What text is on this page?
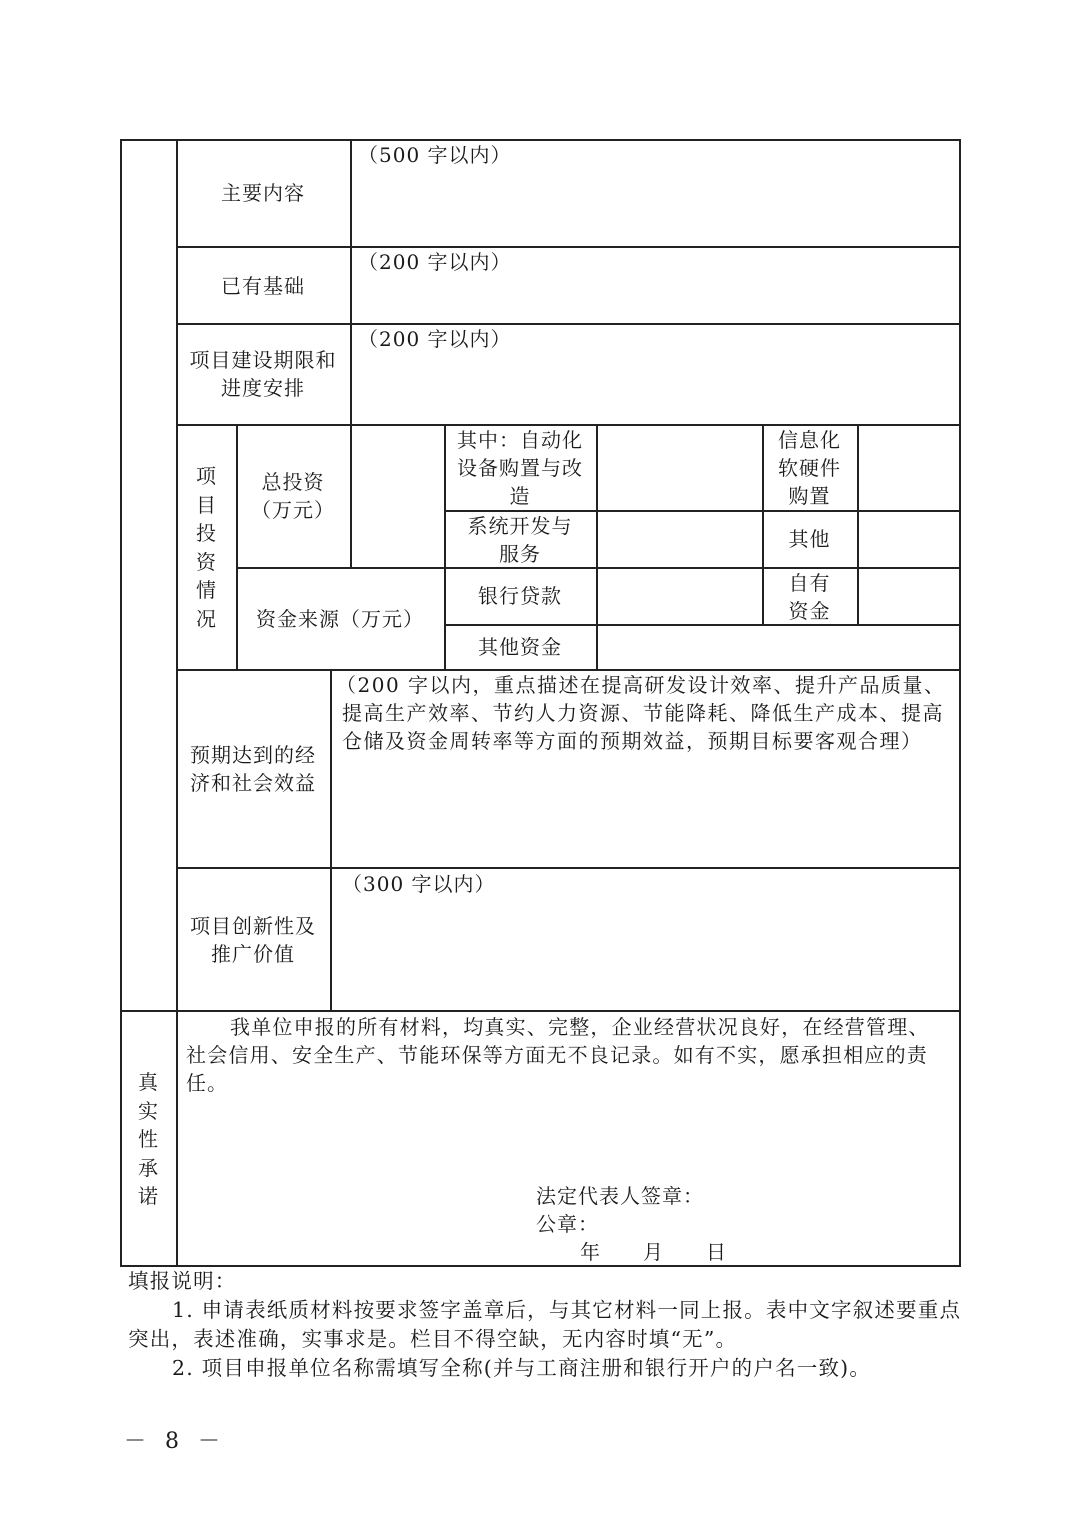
主要内容
（500 字以内）
已有基础
（200 字以内）
项目建设期限和
进度安排
（200 字以内）
项目投资情况
总投资
（万元）
其中：自动化
设备购置与改
造
信息化
软硬件
购置
系统开发与
服务
其他
资金来源（万元）
银行贷款
自有
资金
其他资金
预期达到的经
济和社会效益
（200 字以内，重点描述在提高研发设计效率、提升产品质量、
提高生产效率、节约人力资源、节能降耗、降低生产成本、提高
仓储及资金周转率等方面的预期效益，预期目标要客观合理）
项目创新性及
推广价值
（300 字以内）
真实性承诺
我单位申报的所有材料，均真实、完整，企业经营状况良好，在经营管理、
社会信用、安全生产、节能环保等方面无不良记录。如有不实，愿承担相应的责
任。
法定代表人签章：
公章：
年　　月　　日
填报说明：
1. 申请表纸质材料按要求签字盖章后，与其它材料一同上报。表中文字叙述要重点
突出，表述准确，实事求是。栏目不得空缺，无内容时填“无”。
2. 项目申报单位名称需填写全称(并与工商注册和银行开户的户名一致)。
－ 8 －
